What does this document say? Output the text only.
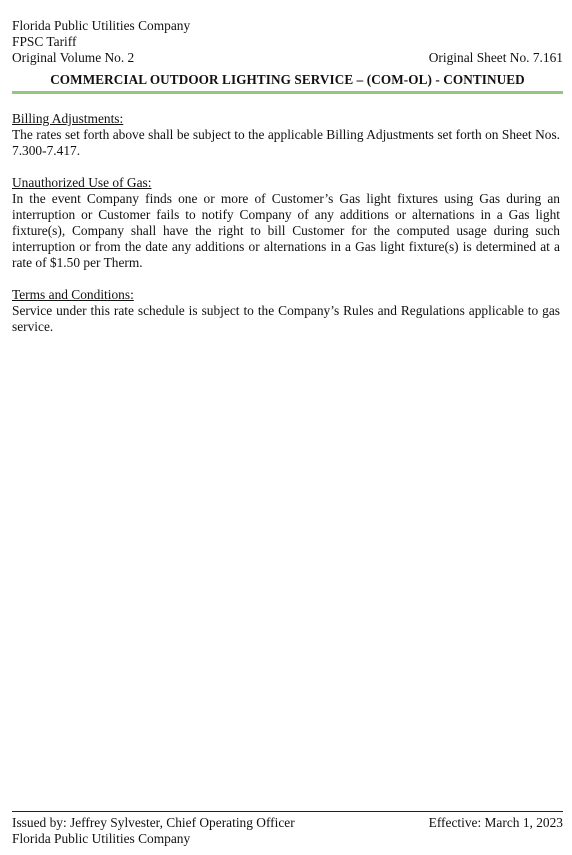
Florida Public Utilities Company
FPSC Tariff
Original Volume No. 2	Original Sheet No. 7.161
COMMERCIAL OUTDOOR LIGHTING SERVICE – (COM-OL) - CONTINUED
Billing Adjustments:
The rates set forth above shall be subject to the applicable Billing Adjustments set forth on Sheet Nos. 7.300-7.417.
Unauthorized Use of Gas:
In the event Company finds one or more of Customer’s Gas light fixtures using Gas during an interruption or Customer fails to notify Company of any additions or alternations in a Gas light fixture(s), Company shall have the right to bill Customer for the computed usage during such interruption or from the date any additions or alternations in a Gas light fixture(s) is determined at a rate of $1.50 per Therm.
Terms and Conditions:
Service under this rate schedule is subject to the Company’s Rules and Regulations applicable to gas service.
Issued by: Jeffrey Sylvester, Chief Operating Officer	Effective: March 1, 2023
Florida Public Utilities Company
